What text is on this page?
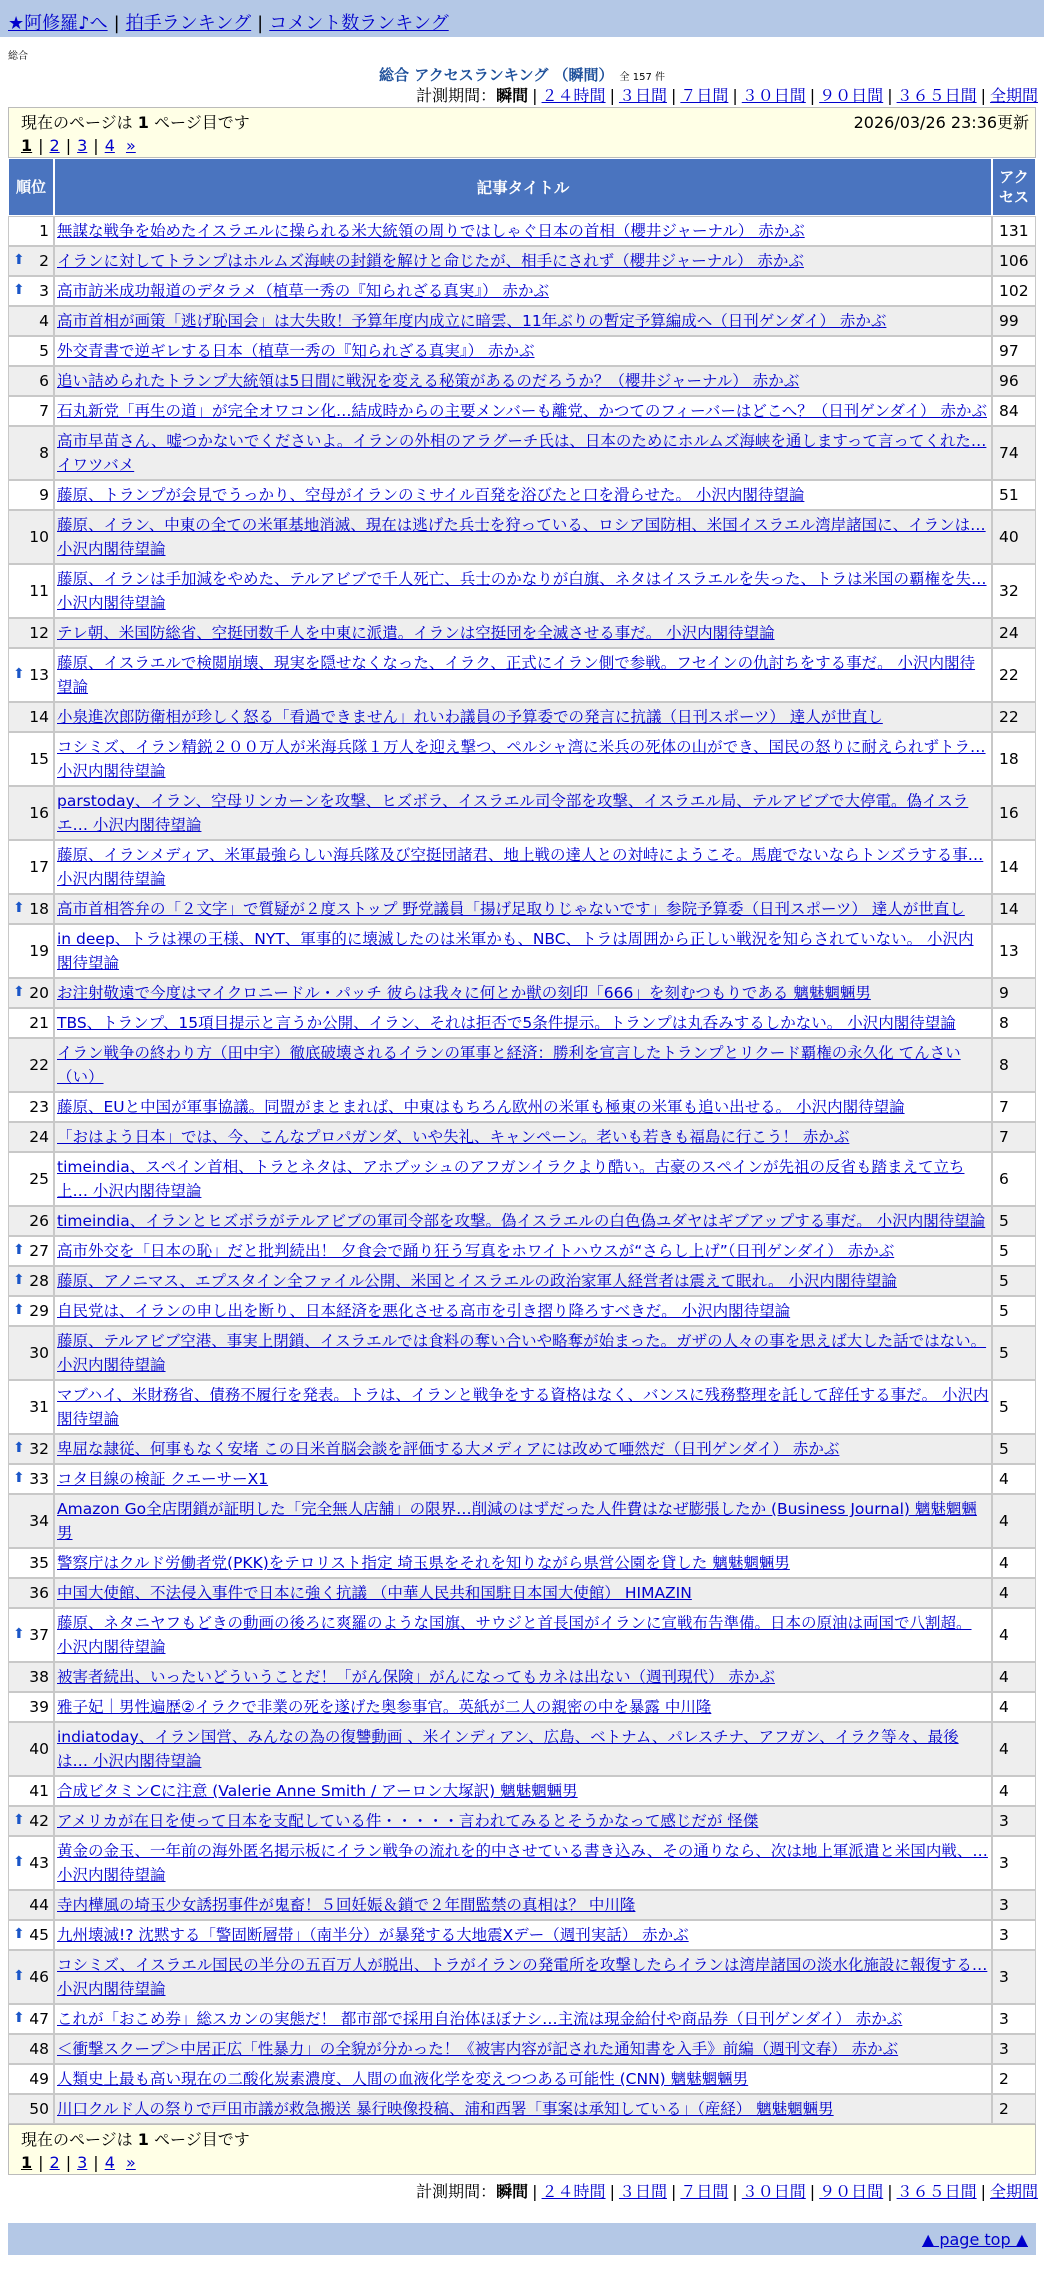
★阿修羅♪へ | 拍手ランキング | コメント数ランキング
総合
総合 アクセスランキング （瞬間） 全 157 件
計測期間：瞬間 | ２４時間 | ３日間 | ７日間 | ３０日間 | ９０日間 | ３６５日間 | 全期間
現在のページは 1 ページ目です	2026/03/26 23:36更新
1 | 2 | 3 | 4 »
順位	記事タイトル	アクセス
1	無謀な戦争を始めたイスラエルに操られる米大統領の周りではしゃぐ日本の首相（櫻井ジャーナル） 赤かぶ	131

⬆ 2	イランに対してトランプはホルムズ海峡の封鎖を解けと命じたが、相手にされず（櫻井ジャーナル） 赤かぶ	106

⬆ 3	高市訪米成功報道のデタラメ（植草一秀の『知られざる真実』） 赤かぶ	102
4	高市首相が画策「逃げ恥国会」は大失敗！予算年度内成立に暗雲、11年ぶりの暫定予算編成へ（日刊ゲンダイ） 赤かぶ	99
5	外交青書で逆ギレする日本（植草一秀の『知られざる真実』） 赤かぶ	97
6	追い詰められたトランプ大統領は5日間に戦況を変える秘策があるのだろうか？（櫻井ジャーナル） 赤かぶ	96
7	石丸新党「再生の道」が完全オワコン化…結成時からの主要メンバーも離党、かつてのフィーバーはどこへ？（日刊ゲンダイ） 赤かぶ	84
8	高市早苗さん、嘘つかないでくださいよ。イランの外相のアラグーチ氏は、日本のためにホルムズ海峡を通しますって言ってくれた… イワツバメ	74
9	藤原、トランプが会見でうっかり、空母がイランのミサイル百発を浴びたと口を滑らせた。 小沢内閣待望論	51
10	藤原、イラン、中東の全ての米軍基地消滅、現在は逃げた兵士を狩っている、ロシア国防相、米国イスラエル湾岸諸国に、イランは… 小沢内閣待望論	40
11	藤原、イランは手加減をやめた、テルアビブで千人死亡、兵士のかなりが白旗、ネタはイスラエルを失った、トラは米国の覇権を失… 小沢内閣待望論	32
12	テレ朝、米国防総省、空挺団数千人を中東に派遣。イランは空挺団を全滅させる事だ。 小沢内閣待望論	24

⬆ 13	藤原、イスラエルで検閲崩壊、現実を隠せなくなった、イラク、正式にイラン側で参戦。フセインの仇討ちをする事だ。 小沢内閣待望論	22
14	小泉進次郎防衛相が珍しく怒る「看過できません」れいわ議員の予算委での発言に抗議（日刊スポーツ） 達人が世直し	22
15	コシミズ、イラン精鋭２００万人が米海兵隊１万人を迎え撃つ、ペルシャ湾に米兵の死体の山ができ、国民の怒りに耐えられずトラ… 小沢内閣待望論	18
16	parstoday、イラン、空母リンカーンを攻撃、ヒズボラ、イスラエル司令部を攻撃、イスラエル局、テルアビブで大停電。偽イスラエ… 小沢内閣待望論	16
17	藤原、イランメディア、米軍最強らしい海兵隊及び空挺団諸君、地上戦の達人との対峙にようこそ。馬鹿でないならトンズラする事… 小沢内閣待望論	14

⬆ 18	高市首相答弁の「２文字」で質疑が２度ストップ 野党議員「揚げ足取りじゃないです」参院予算委（日刊スポーツ） 達人が世直し	14
19	in deep、トラは裸の王様、NYT、軍事的に壊滅したのは米軍かも、NBC、トラは周囲から正しい戦況を知らされていない。 小沢内閣待望論	13

⬆ 20	お注射敬遠で今度はマイクロニードル・パッチ 彼らは我々に何とか獣の刻印「666」を刻むつもりである 魑魅魍魎男	9
21	TBS、トランプ、15項目提示と言うか公開、イラン、それは拒否で5条件提示。トランプは丸呑みするしかない。 小沢内閣待望論	8
22	イラン戦争の終わり方（田中宇）徹底破壊されるイランの軍事と経済：勝利を宣言したトランプとリクード覇権の永久化 てんさい（い）	8
23	藤原、EUと中国が軍事協議。同盟がまとまれば、中東はもちろん欧州の米軍も極東の米軍も追い出せる。 小沢内閣待望論	7
24	「おはよう日本」では、今、こんなプロパガンダ、いや失礼、キャンペーン。老いも若きも福島に行こう！ 赤かぶ	7
25	timeindia、スペイン首相、トラとネタは、アホブッシュのアフガンイラクより酷い。古豪のスペインが先祖の反省も踏まえて立ち上… 小沢内閣待望論	6
26	timeindia、イランとヒズボラがテルアビブの軍司令部を攻撃。偽イスラエルの白色偽ユダヤはギブアップする事だ。 小沢内閣待望論	5

⬆ 27	高市外交を「日本の恥」だと批判続出！ 夕食会で踊り狂う写真をホワイトハウスが“さらし上げ”（日刊ゲンダイ） 赤かぶ	5

⬆ 28	藤原、アノニマス、エプスタイン全ファイル公開、米国とイスラエルの政治家軍人経営者は震えて眠れ。 小沢内閣待望論	5

⬆ 29	自民党は、イランの申し出を断り、日本経済を悪化させる高市を引き摺り降ろすべきだ。 小沢内閣待望論	5
30	藤原、テルアビブ空港、事実上閉鎖、イスラエルでは食料の奪い合いや略奪が始まった。ガザの人々の事を思えば大した話ではない。 小沢内閣待望論	5
31	マブハイ、米財務省、債務不履行を発表。トラは、イランと戦争をする資格はなく、バンスに残務整理を託して辞任する事だ。 小沢内閣待望論	5

⬆ 32	卑屈な隷従、何事もなく安堵 この日米首脳会談を評価する大メディアには改めて唖然だ（日刊ゲンダイ） 赤かぶ	5

⬆ 33	コタ目線の検証 クエーサーX1	4
34	Amazon Go全店閉鎖が証明した「完全無人店舗」の限界…削減のはずだった人件費はなぜ膨張したか (Business Journal) 魑魅魍魎男	4
35	警察庁はクルド労働者党(PKK)をテロリスト指定 埼玉県をそれを知りながら県営公園を貸した 魑魅魍魎男	4
36	中国大使館、不法侵入事件で日本に強く抗議 （中華人民共和国駐日本国大使館） HIMAZIN	4

⬆ 37	藤原、ネタニヤフもどきの動画の後ろに爽羅のような国旗、サウジと首長国がイランに宣戦布告準備。日本の原油は両国で八割超。 小沢内閣待望論	4
38	被害者続出、いったいどういうことだ！「がん保険」がんになってもカネは出ない（週刊現代） 赤かぶ	4
39	雅子妃｜男性遍歴②イラクで非業の死を遂げた奥参事官。英紙が二人の親密の中を暴露 中川隆	4
40	indiatoday、イラン国営、みんなの為の復讐動画 、米インディアン、広島、ベトナム、パレスチナ、アフガン、イラク等々、最後は… 小沢内閣待望論	4
41	合成ビタミンCに注意 (Valerie Anne Smith / アーロン大塚訳) 魑魅魍魎男	4

⬆ 42	アメリカが在日を使って日本を支配している件・・・・・言われてみるとそうかなって感じだが 怪傑	3

⬆ 43	黄金の金玉、一年前の海外匿名掲示板にイラン戦争の流れを的中させている書き込み、その通りなら、次は地上軍派遣と米国内戦、… 小沢内閣待望論	3
44	寺内樺風の埼玉少女誘拐事件が鬼畜！５回妊娠＆鎖で２年間監禁の真相は？ 中川隆	3

⬆ 45	九州壊滅!? 沈黙する「警固断層帯」（南半分）が暴発する大地震Xデー（週刊実話） 赤かぶ	3

⬆ 46	コシミズ、イスラエル国民の半分の五百万人が脱出、トラがイランの発電所を攻撃したらイランは湾岸諸国の淡水化施設に報復する… 小沢内閣待望論	3

⬆ 47	これが「おこめ券」総スカンの実態だ！ 都市部で採用自治体ほぼナシ…主流は現金給付や商品券（日刊ゲンダイ） 赤かぶ	3
48	＜衝撃スクープ＞中居正広「性暴力」の全貌が分かった！《被害内容が記された通知書を入手》前編（週刊文春） 赤かぶ	3
49	人類史上最も高い現在の二酸化炭素濃度、人間の血液化学を変えつつある可能性 (CNN) 魑魅魍魎男	2
50	川口クルド人の祭りで戸田市議が救急搬送 暴行映像投稿、浦和西署「事案は承知している」（産経） 魑魅魍魎男	2
現在のページは 1 ページ目です
1 | 2 | 3 | 4 »
計測期間：瞬間 | ２４時間 | ３日間 | ７日間 | ３０日間 | ９０日間 | ３６５日間 | 全期間
▲ page top ▲
